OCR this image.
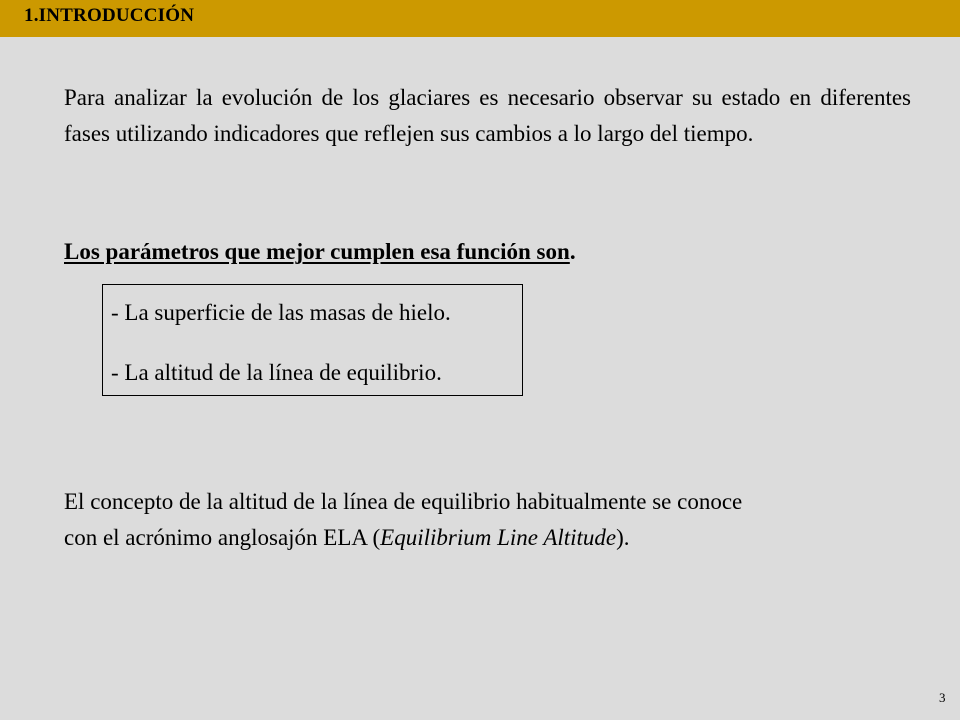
1.INTRODUCCIÓN

Para analizar la evolución de los glaciares es necesario observar su estado en diferentes fases utilizando indicadores que reflejen sus cambios a lo largo del tiempo.

Los parámetros que mejor cumplen esa función son.

- La superficie de las masas de hielo.
- La altitud de la línea de equilibrio.

El concepto de la altitud de la línea de equilibrio habitualmente se conoce
con el acrónimo anglosajón ELA (Equilibrium Line Altitude).

3
